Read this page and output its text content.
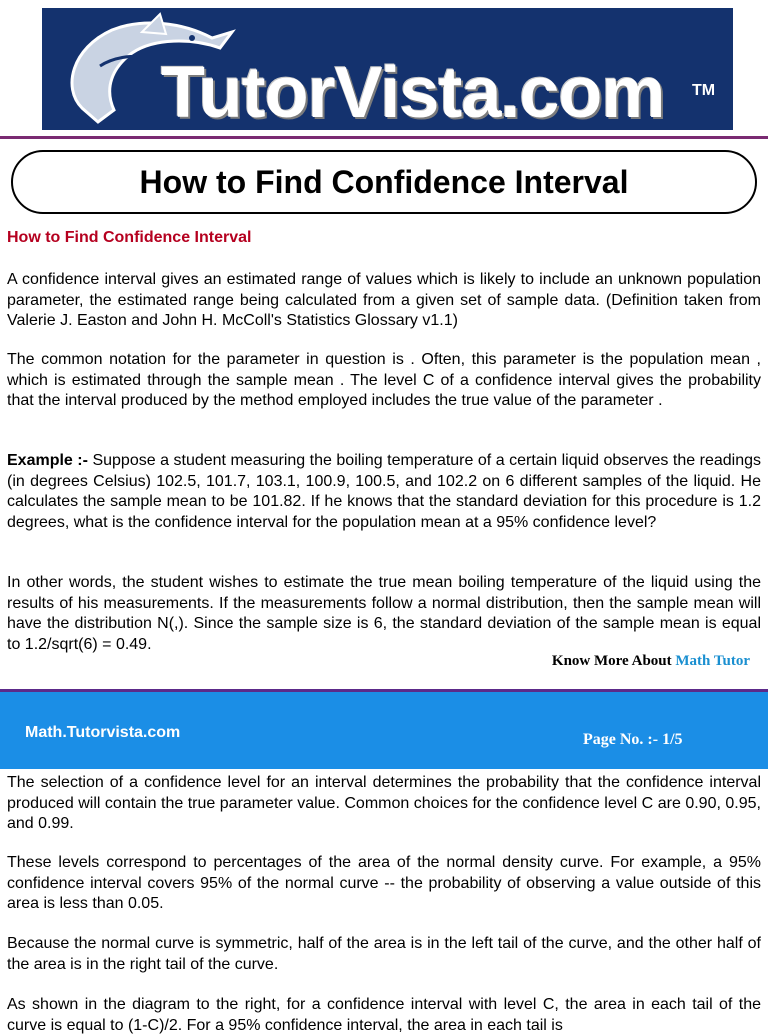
TutorVista.com TM
How to Find Confidence Interval
How to Find Confidence Interval

A confidence interval gives an estimated range of values which is likely to include an unknown population parameter, the estimated range being calculated from a given set of sample data. (Definition taken from Valerie J. Easton and John H. McColl's Statistics Glossary v1.1)

The common notation for the parameter in question is . Often, this parameter is the population mean , which is estimated through the sample mean . The level C of a confidence interval gives the probability that the interval produced by the method employed includes the true value of the parameter .

Example :- Suppose a student measuring the boiling temperature of a certain liquid observes the readings (in degrees Celsius) 102.5, 101.7, 103.1, 100.9, 100.5, and 102.2 on 6 different samples of the liquid. He calculates the sample mean to be 101.82. If he knows that the standard deviation for this procedure is 1.2 degrees, what is the confidence interval for the population mean at a 95% confidence level?

In other words, the student wishes to estimate the true mean boiling temperature of the liquid using the results of his measurements. If the measurements follow a normal distribution, then the sample mean will have the distribution N(,). Since the sample size is 6, the standard deviation of the sample mean is equal to 1.2/sqrt(6) = 0.49.

Know More About Math Tutor
Math.Tutorvista.com	Page No. :- 1/5

The selection of a confidence level for an interval determines the probability that the confidence interval produced will contain the true parameter value. Common choices for the confidence level C are 0.90, 0.95, and 0.99.

These levels correspond to percentages of the area of the normal density curve. For example, a 95% confidence interval covers 95% of the normal curve -- the probability of observing a value outside of this area is less than 0.05.

Because the normal curve is symmetric, half of the area is in the left tail of the curve, and the other half of the area is in the right tail of the curve.

As shown in the diagram to the right, for a confidence interval with level C, the area in each tail of the curve is equal to (1-C)/2. For a 95% confidence interval, the area in each tail is
